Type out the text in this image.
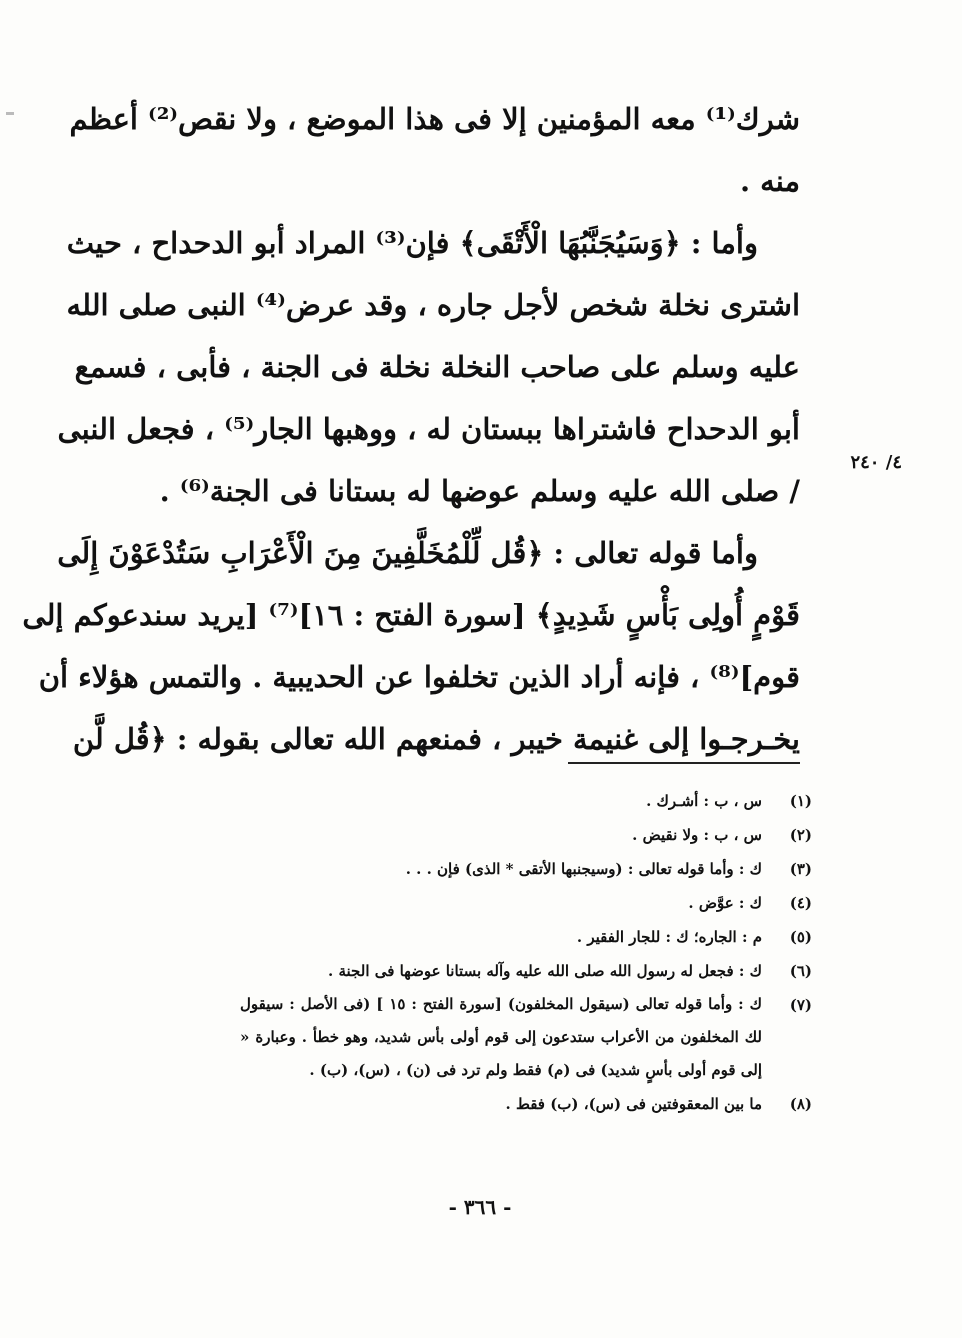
شرك⁽¹⁾ معه المؤمنين إلا فى هذا الموضع ، ولا نقص⁽²⁾ أعظم
منه .
وأما : ﴿وَسَيُجَنَّبُهَا الْأَتْقَى﴾ فإن⁽³⁾ المراد أبو الدحداح ، حيث
اشترى نخلة شخص لأجل جاره ، وقد عرض⁽⁴⁾ النبى صلى الله
عليه وسلم على صاحب النخلة نخلة فى الجنة ، فأبى ، فسمع
أبو الدحداح فاشتراها ببستان له ، ووهبها الجار⁽⁵⁾ ، فجعل النبى
/ صلى الله عليه وسلم عوضها له بستانا فى الجنة⁽⁶⁾ .
وأما قوله تعالى : ﴿قُل لِّلْمُخَلَّفِينَ مِنَ الْأَعْرَابِ سَتُدْعَوْنَ إِلَى
قَوْمٍ أُولِى بَأْسٍ شَدِيدٍ﴾ [سورة الفتح : ١٦]⁽⁷⁾ [يريد سندعوكم إلى
قوم]⁽⁸⁾ ، فإنه أراد الذين تخلفوا عن الحديبية . والتمس هؤلاء أن
يخـرجـوا إلى غنيمة خيبر ، فمنعهم الله تعالى بقوله : ﴿قُل لَّن
٤/ ٢٤٠
(١)
س ، ب : أشـرك .
(٢)
س ، ب : ولا نقيض .
(٣)
ك : وأما قوله تعالى : (وسيجنبها الأتقى * الذى) فإن . . .
(٤)
ك : عوَّض .
(٥)
م : الجاره؛ ك : للجار الفقير .
(٦)
ك : فجعل له رسول الله صلى الله عليه وآله بستانا عوضها فى الجنة .
(٧)
ك : وأما قوله تعالى (سيقول المخلفون) [سورة الفتح : ١٥ ] (فى الأصل : سيقول لك المخلفون من الأعراب ستدعون إلى قوم أولى بأس شديد، وهو خطأ . وعبارة « إلى قوم أولى بأسٍ شديد) فى (م) فقط ولم ترد فى (ن) ، (س)، (ب) .
(٨)
ما بين المعقوفتين فى (س)، (ب) فقط .
- ٣٦٦ -
